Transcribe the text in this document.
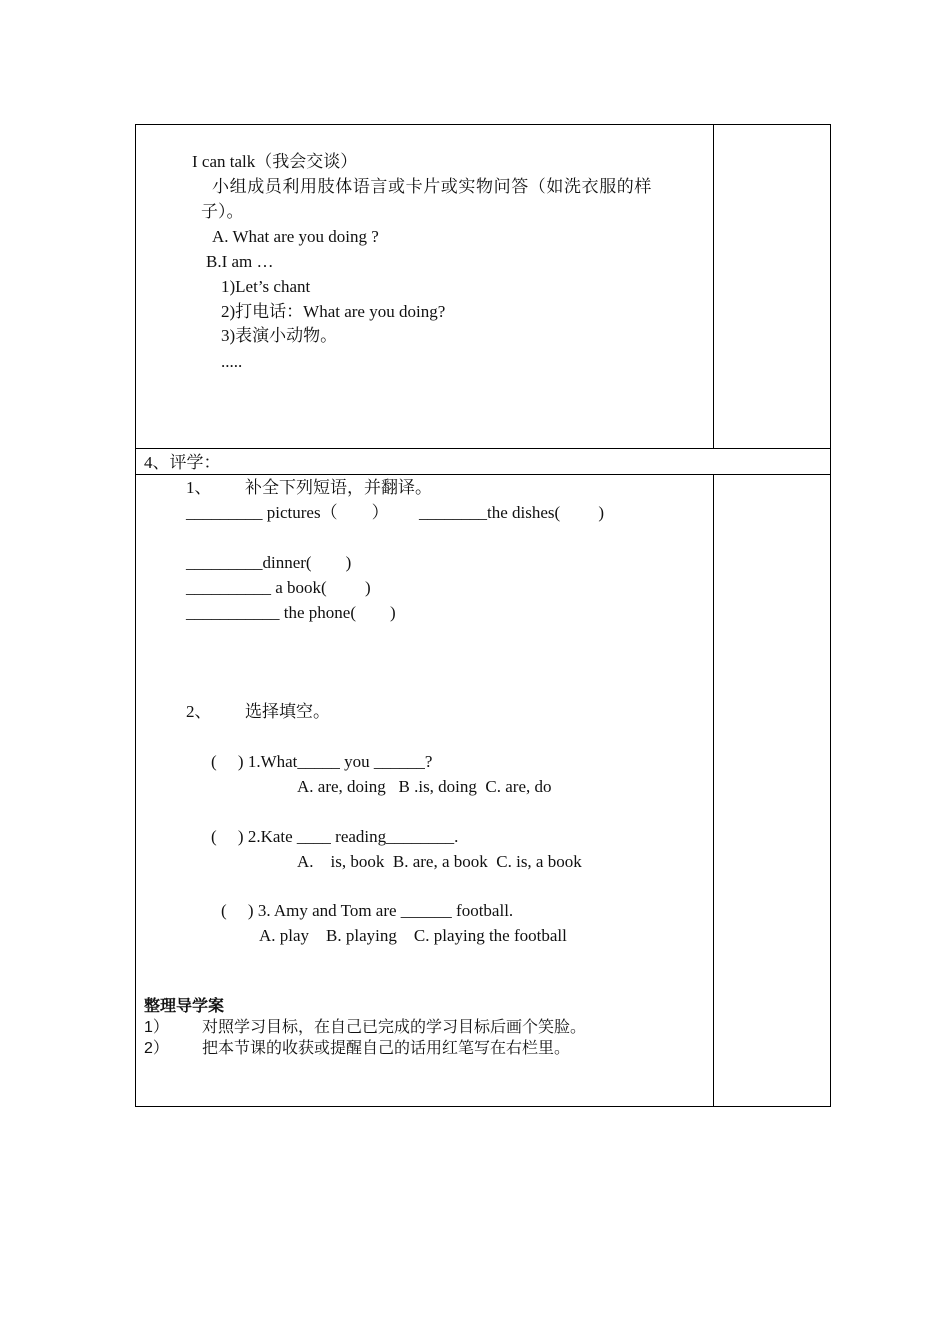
I can talk（我会交谈）
小组成员利用肢体语言或卡片或实物问答（如洗衣服的样
子）。
A. What are you doing ?
B.I am …
1)Let’s chant
2)打电话：What are you doing?
3)表演小动物。
.....
4、评学：
1、 补全下列短语，并翻译。
_________ pictures（　　） ________the dishes(　　 )
_________dinner(　　)
__________ a book(　　 )
___________ the phone(　　)
2、 选择填空。
(　 ) 1.What_____ you ______?
A. are, doing   B .is, doing  C. are, do
(　 ) 2.Kate ____ reading________.
A.    is, book  B. are, a book  C. is, a book
(　 ) 3. Amy and Tom are ______ football.
A. play    B. playing    C. playing the football
整理导学案
1） 对照学习目标，在自己已完成的学习目标后画个笑脸。
2） 把本节课的收获或提醒自己的话用红笔写在右栏里。
